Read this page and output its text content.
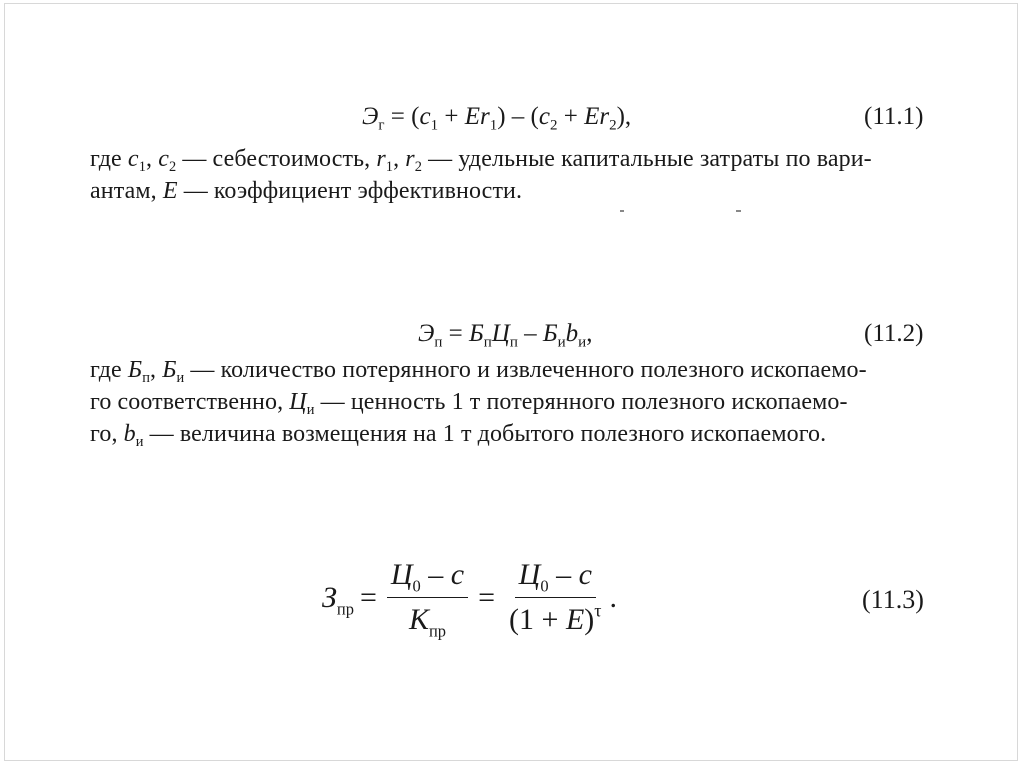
$Э_г = (c_1 + Er_1) - (c_2 + Er_2)$,	(11.1)
где $c_1$, $c_2$ — себестоимость, $r_1$, $r_2$ — удельные капитальные затраты по вари-
антам, E — коэффициент эффективности.
$Э_п = Б_пЦ_п - Б_иb_и$,	(11.2)
где $Б_п$, $Б_и$ — количество потерянного и извлеченного полезного ископаемо-
го соответственно, $Ц_и$ — ценность 1 т потерянного полезного ископаемо-
го, $b_и$ — величина возмещения на 1 т добытого полезного ископаемого.
$З_{пр} = \frac{Ц_0 - c}{K_{пр}} = \frac{Ц_0 - c}{(1 + E)^\tau}$ .	(11.3)
